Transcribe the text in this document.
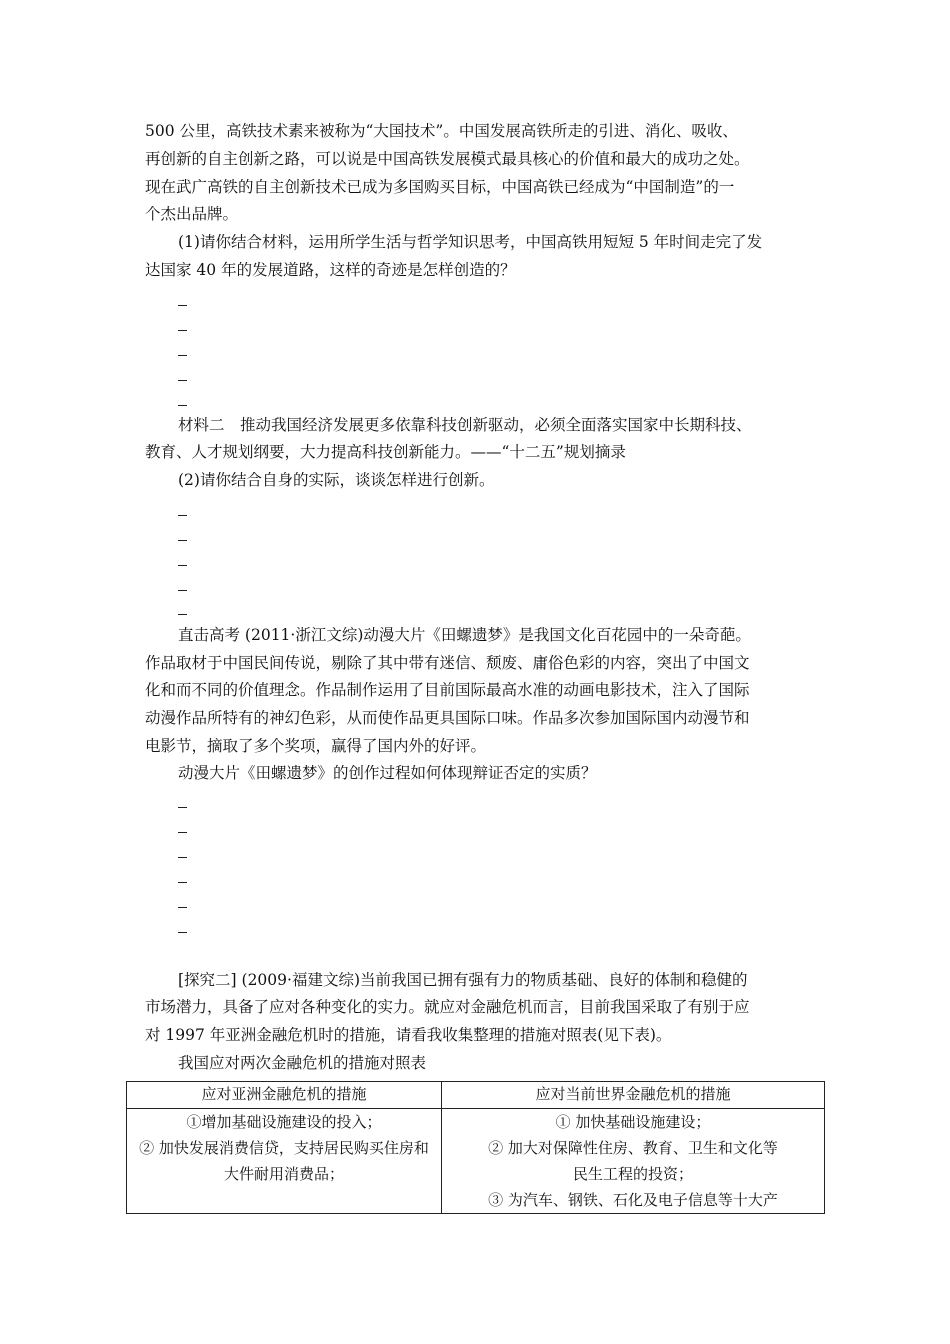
500 公里，高铁技术素来被称为“大国技术”。中国发展高铁所走的引进、消化、吸收、
再创新的自主创新之路，可以说是中国高铁发展模式最具核心的价值和最大的成功之处。
现在武广高铁的自主创新技术已成为多国购买目标，中国高铁已经成为“中国制造”的一
个杰出品牌。
(1)请你结合材料，运用所学生活与哲学知识思考，中国高铁用短短 5 年时间走完了发
达国家 40 年的发展道路，这样的奇迹是怎样创造的？
材料二　推动我国经济发展更多依靠科技创新驱动，必须全面落实国家中长期科技、
教育、人才规划纲要，大力提高科技创新能力。——“十二五”规划摘录
(2)请你结合自身的实际，谈谈怎样进行创新。
直击高考 (2011·浙江文综)动漫大片《田螺遗梦》是我国文化百花园中的一朵奇葩。
作品取材于中国民间传说，剔除了其中带有迷信、颓废、庸俗色彩的内容，突出了中国文
化和而不同的价值理念。作品制作运用了目前国际最高水准的动画电影技术，注入了国际
动漫作品所特有的神幻色彩，从而使作品更具国际口味。作品多次参加国际国内动漫节和
电影节，摘取了多个奖项，赢得了国内外的好评。
动漫大片《田螺遗梦》的创作过程如何体现辩证否定的实质？
[探究二] (2009·福建文综)当前我国已拥有强有力的物质基础、良好的体制和稳健的
市场潜力，具备了应对各种变化的实力。就应对金融危机而言，目前我国采取了有别于应
对 1997 年亚洲金融危机时的措施，请看我收集整理的措施对照表(见下表)。
我国应对两次金融危机的措施对照表
应对亚洲金融危机的措施	应对当前世界金融危机的措施

①增加基础设施建设的投入；
② 加快发展消费信贷，支持居民购买住房和
大件耐用消费品；	① 加快基础设施建设；
② 加大对保障性住房、教育、卫生和文化等
民生工程的投资；
③ 为汽车、钢铁、石化及电子信息等十大产
